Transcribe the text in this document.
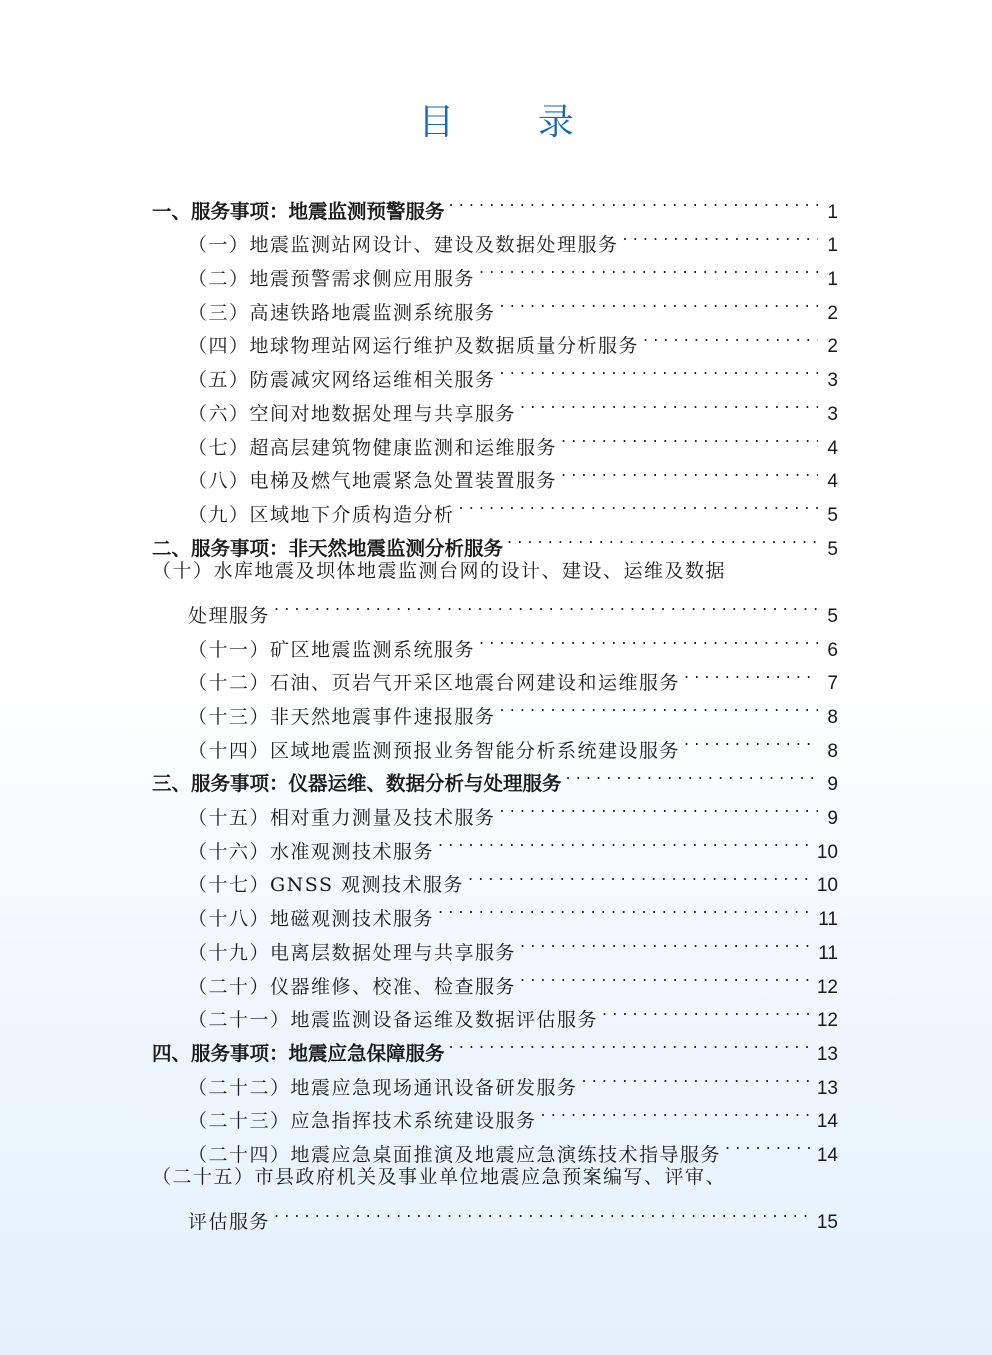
目 录
一、服务事项：地震监测预警服务 . . .	1
（一）地震监测站网设计、建设及数据处理服务 . . .	1
（二）地震预警需求侧应用服务 . . .	1
（三）高速铁路地震监测系统服务 . . .	2
（四）地球物理站网运行维护及数据质量分析服务 . . .	2
（五）防震减灾网络运维相关服务 . . .	3
（六）空间对地数据处理与共享服务 . . .	3
（七）超高层建筑物健康监测和运维服务 . . .	4
（八）电梯及燃气地震紧急处置装置服务 . . .	4
（九）区域地下介质构造分析 . . .	5
二、服务事项：非天然地震监测分析服务 . . .	5
（十）水库地震及坝体地震监测台网的设计、建设、运维及数据
处理服务 . . .	5
（十一）矿区地震监测系统服务 . . .	6
（十二）石油、页岩气开采区地震台网建设和运维服务 . . .	7
（十三）非天然地震事件速报服务 . . .	8
（十四）区域地震监测预报业务智能分析系统建设服务 . . .	8
三、服务事项：仪器运维、数据分析与处理服务 . . .	9
（十五）相对重力测量及技术服务 . . .	9
（十六）水准观测技术服务 . . .	10
（十七）GNSS 观测技术服务 . . .	10
（十八）地磁观测技术服务 . . .	11
（十九）电离层数据处理与共享服务 . . .	11
（二十）仪器维修、校准、检查服务 . . .	12
（二十一）地震监测设备运维及数据评估服务 . . .	12
四、服务事项：地震应急保障服务 . . .	13
（二十二）地震应急现场通讯设备研发服务 . . .	13
（二十三）应急指挥技术系统建设服务 . . .	14
（二十四）地震应急桌面推演及地震应急演练技术指导服务 . . .	14
（二十五）市县政府机关及事业单位地震应急预案编写、评审、
评估服务 . . .	15
